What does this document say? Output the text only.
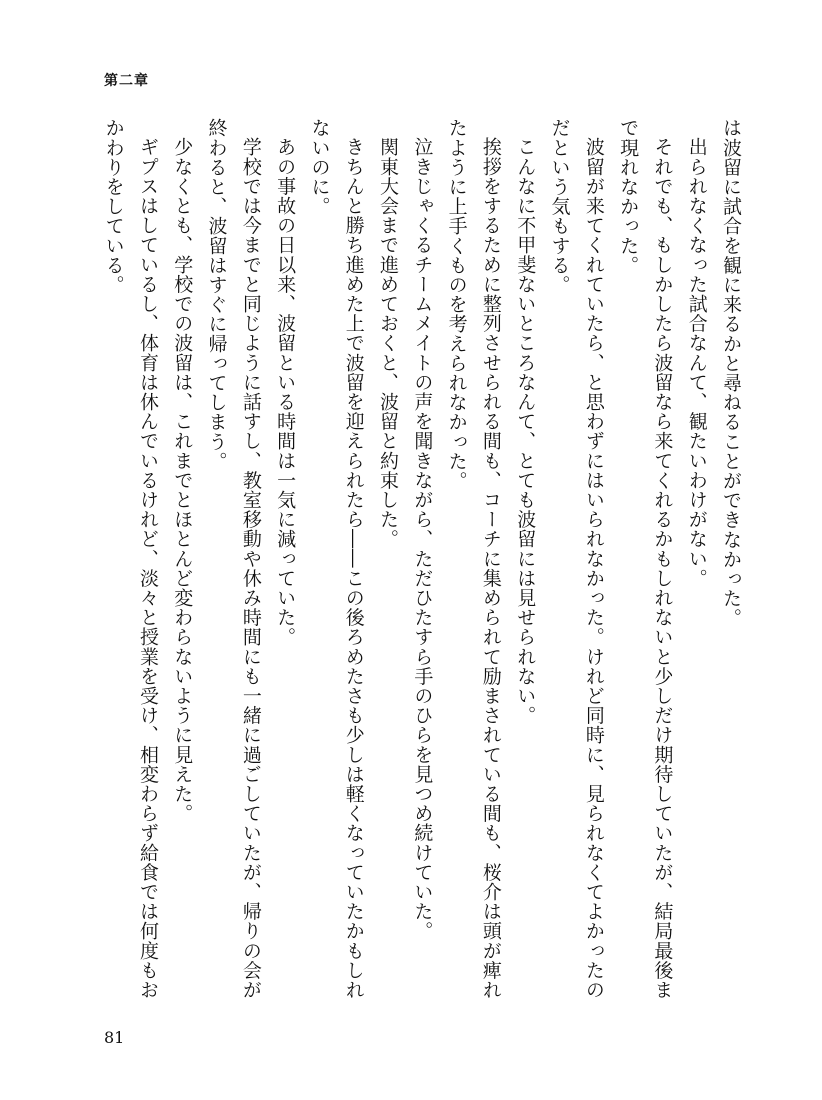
第二章

は波留に試合を観に来るかと尋ねることができなかった。

出られなくなった試合なんて、観たいわけがない。

それでも、もしかしたら波留なら来てくれるかもしれないと少しだけ期待していたが、結局最後まで現れなかった。

波留が来てくれていたら、と思わずにはいられなかった。けれど同時に、見られなくてよかったのだという気もする。

こんなに不甲斐ないところなんて、とても波留には見せられない。

挨拶をするために整列させられる間も、コーチに集められて励まされている間も、桜介は頭が痺れたように上手くものを考えられなかった。

泣きじゃくるチームメイトの声を聞きながら、ただひたすら手のひらを見つめ続けていた。

関東大会まで進めておくと、波留と約束した。

きちんと勝ち進めた上で波留を迎えられたら――この後ろめたさも少しは軽くなっていたかもしれないのに。

あの事故の日以来、波留といる時間は一気に減っていた。

学校では今までと同じように話すし、教室移動や休み時間にも一緒に過ごしていたが、帰りの会が終わると、波留はすぐに帰ってしまう。

少なくとも、学校での波留は、これまでとほとんど変わらないように見えた。

ギプスはしているし、体育は休んでいるけれど、淡々と授業を受け、相変わらず給食では何度もおかわりをしている。

81
